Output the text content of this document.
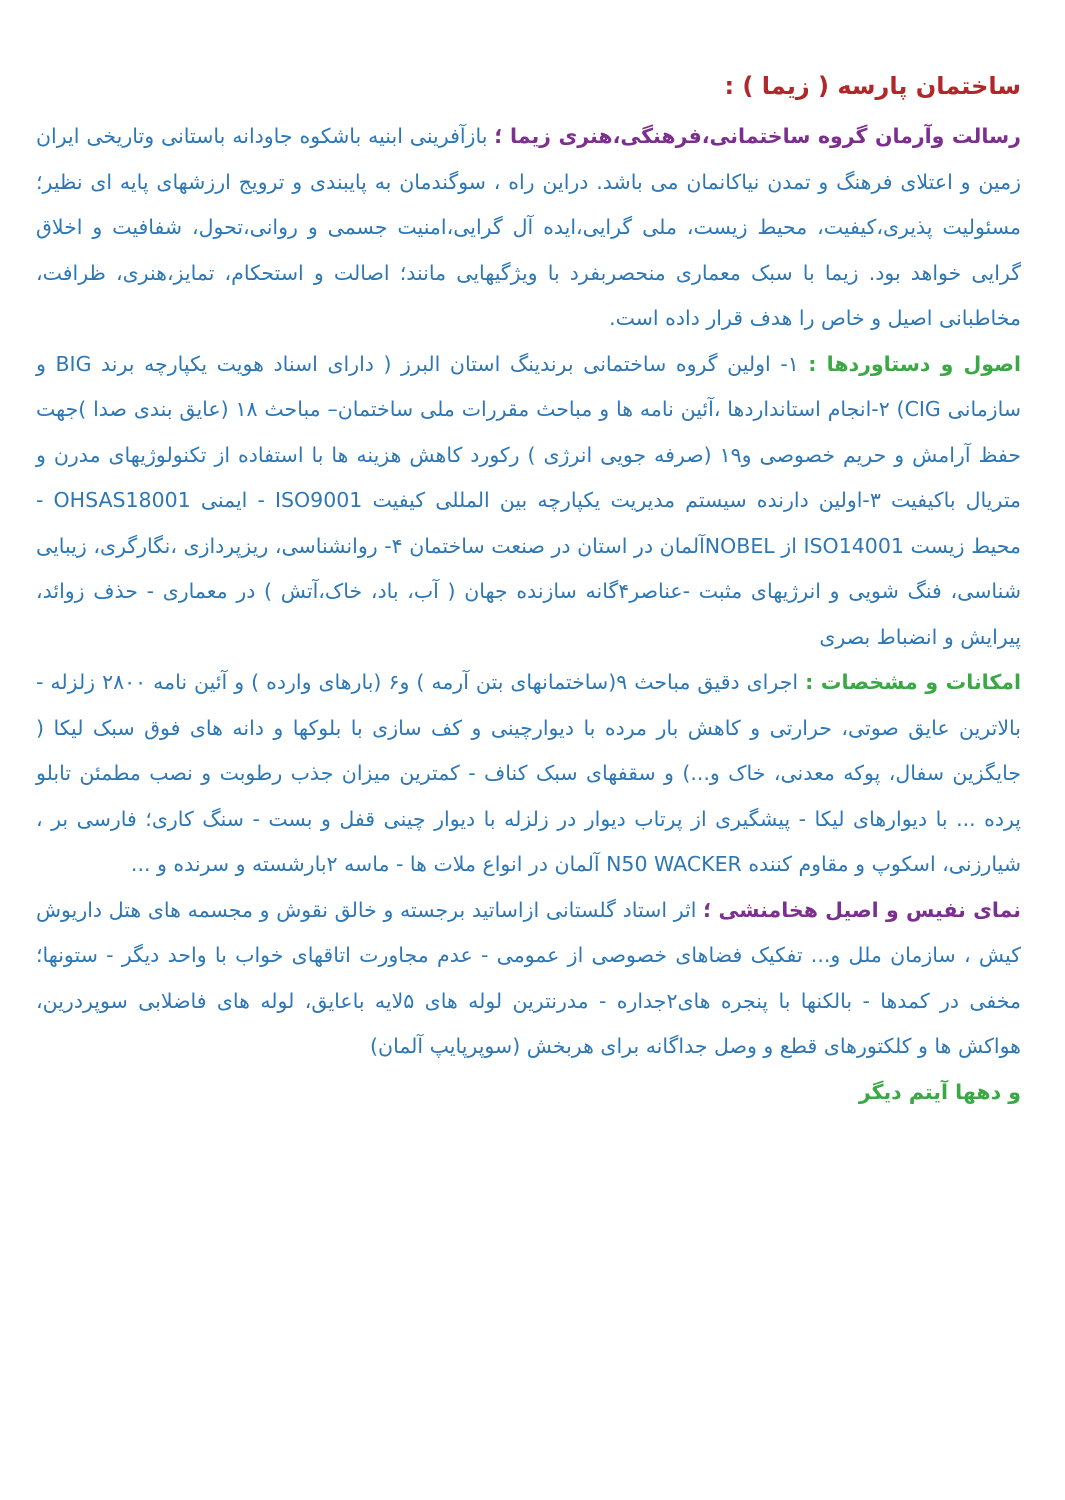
ساختمان پارسه ( زیما ) :

رسالت وآرمان گروه ساختمانی،فرهنگی،هنری زیما ؛ بازآفرینی ابنیه باشکوه جاودانه باستانی وتاریخی ایران زمین و اعتلای فرهنگ و تمدن نیاکانمان می باشد. دراین راه ، سوگندمان به پایبندی و ترویج ارزشهای پایه ای نظیر؛ مسئولیت پذیری،کیفیت، محیط زیست، ملی گرایی،ایده آل گرایی،امنیت جسمی و روانی،تحول، شفافیت و اخلاق گرایی خواهد بود. زیما با سبک معماری منحصربفرد با ویژگیهایی مانند؛ اصالت و استحکام، تمایز،هنری، ظرافت، مخاطبانی اصیل و خاص را هدف قرار داده است.

اصول و دستاوردها : ۱- اولین گروه ساختمانی برندینگ استان البرز ( دارای اسناد هویت یکپارچه برند BIG و سازمانی CIG) ۲-انجام استانداردها ،آئین نامه ها و مباحث مقررات ملی ساختمان– مباحث ۱۸ (عایق بندی صدا )جهت حفظ آرامش و حریم خصوصی و۱۹ (صرفه جویی انرژی ) رکورد کاهش هزینه ها با استفاده از تکنولوژیهای مدرن و متریال باکیفیت ۳-اولین دارنده سیستم مدیریت یکپارچه بین المللی کیفیت ISO9001 - ایمنی OHSAS18001 - محیط زیست ISO14001 از NOBELآلمان در استان در صنعت ساختمان ۴- روانشناسی، ریزپردازی ،نگارگری، زیبایی شناسی، فنگ شویی و انرژیهای مثبت -عناصر۴گانه سازنده جهان ( آب، باد، خاک،آتش ) در معماری - حذف زوائد، پیرایش و انضباط بصری

امکانات و مشخصات : اجرای دقیق مباحث ۹(ساختمانهای بتن آرمه ) و۶ (بارهای وارده ) و آئین نامه ۲۸۰۰ زلزله - بالاترین عایق صوتی، حرارتی و کاهش بار مرده با دیوارچینی و کف سازی با بلوکها و دانه های فوق سبک لیکا ( جایگزین سفال، پوکه معدنی، خاک و...) و سقفهای سبک کناف - کمترین میزان جذب رطوبت و نصب مطمئن تابلو پرده ... با دیوارهای لیکا - پیشگیری از پرتاب دیوار در زلزله با دیوار چینی قفل و بست - سنگ کاری؛ فارسی بر ، شیارزنی، اسکوپ و مقاوم کننده N50 WACKER آلمان در انواع ملات ها - ماسه ۲بارشسته و سرنده و ...

نمای نفیس و اصیل هخامنشی ؛ اثر استاد گلستانی ازاساتید برجسته و خالق نقوش و مجسمه های هتل داریوش کیش ، سازمان ملل و... تفکیک فضاهای خصوصی از عمومی - عدم مجاورت اتاقهای خواب با واحد دیگر - ستونها؛ مخفی در کمدها - بالکنها با پنجره های۲جداره - مدرنترین لوله های ۵لایه باعایق، لوله های فاضلابی سوپردرین، هواکش ها و کلکتورهای قطع و وصل جداگانه برای هربخش (سوپرپایپ آلمان)

و دهها آیتم دیگر
